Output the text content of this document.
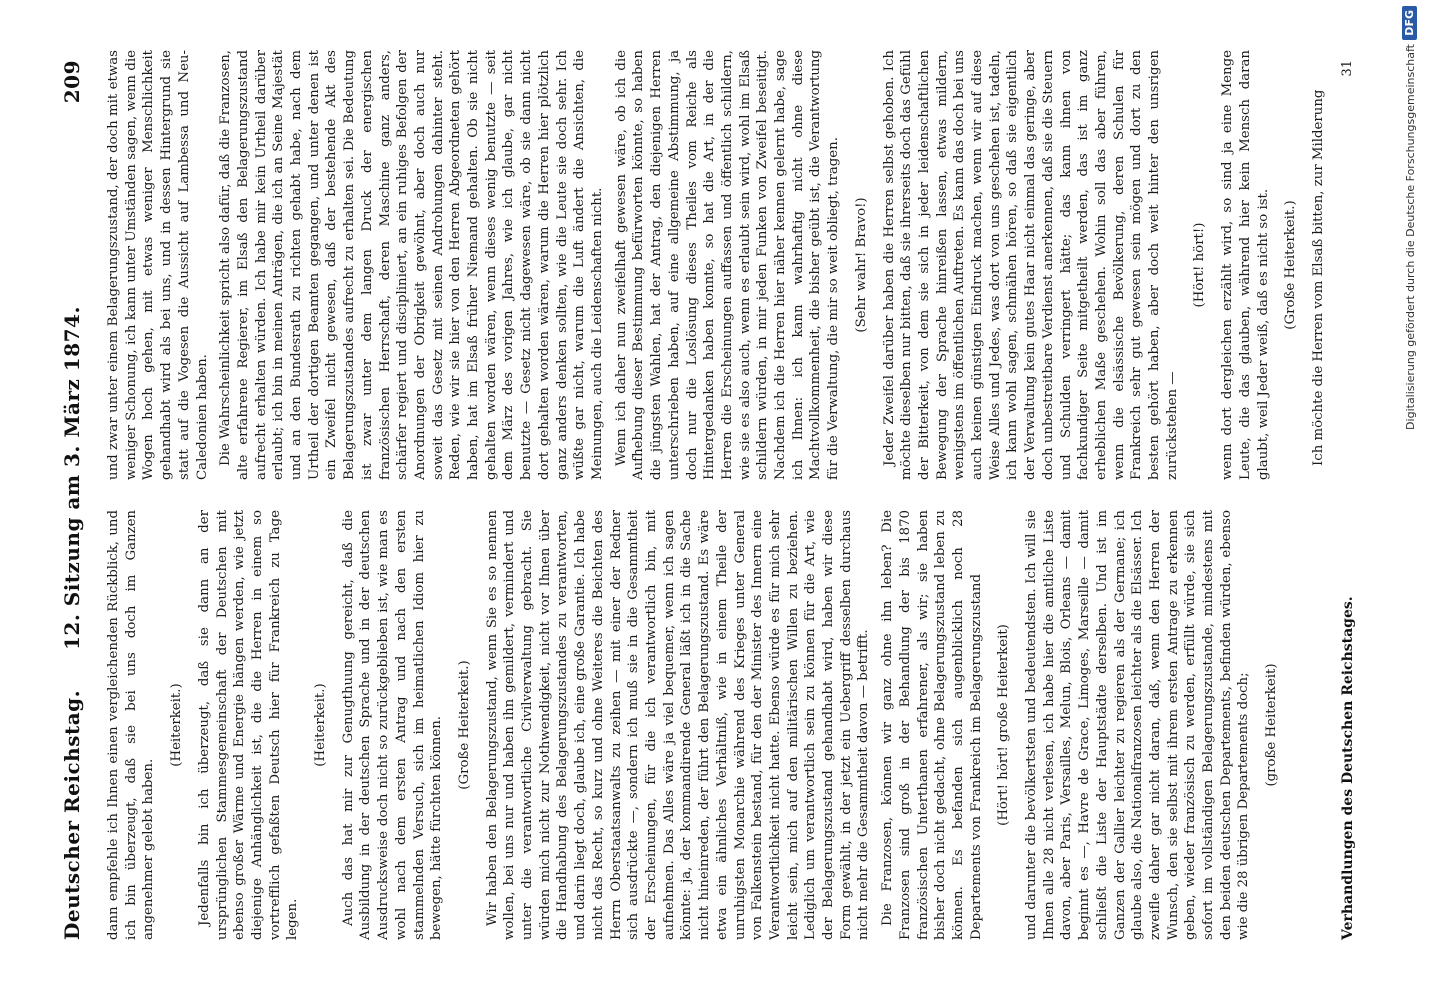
Deutscher Reichstag.
12. Sitzung am 3. März 1874.
209

dann empfehle ich Ihnen einen vergleichenden Rückblick, und ich bin überzeugt, daß sie bei uns doch im Ganzen angenehmer gelebt haben.

(Heiterkeit.) Jedenfalls bin ich überzeugt, daß sie dann an der ursprünglichen Stammesgemeinschaft der Deutschen mit ebenso großer Wärme und Energie hängen werden, wie jetzt diejenige Anhänglichkeit ist, die die Herren in einem so vortrefflich gefaßten Deutsch hier für Frankreich zu Tage legen.

(Heiterkeit.) Auch das hat mir zur Genugthuung gereicht, daß die Ausbildung in der deutschen Sprache und in der deutschen Ausdrucksweise doch nicht so zurückgeblieben ist, wie man es wohl nach dem ersten Antrag und nach den ersten stammelnden Versuch, sich im heimatlichen Idiom hier zu bewegen, hätte fürchten können. (Große Heiterkeit.) Wir haben den Belagerungszustand, wenn Sie es so nennen wollen, bei uns nur und haben ihn gemildert, vermindert und unter die verantwortliche Civilverwaltung gebracht. Sie würden mich nicht zur Nothwendigkeit, nicht vor Ihnen über die Handhabung des Belagerungszustandes zu verantworten, und darin liegt doch, glaube ich, eine große Garantie. Ich habe nicht das Recht, so kurz und ohne Weiteres die Beichten des Herrn Oberstaatsanwalts zu zeihen — mit einer der Redner sich ausdrückte —, sondern ich muß sie in die Gesammtheit der Erscheinungen, für die ich verantwortlich bin, mit aufnehmen. Das Alles wäre ja viel bequemer, wenn ich sagen könnte: ja, der kommandirende General läßt ich in die Sache nicht hineinreden, der führt den Belagerungszustand. Es wäre etwa ein ähnliches Verhältniß, wie in einem Theile der unruhigsten Monarchie während des Krieges unter General von Falkenstein bestand, für den der Minister des Innern eine Verantwortlichkeit nicht hatte. Ebenso würde es für mich sehr leicht sein, mich auf den militärischen Willen zu beziehen. Lediglich um verantwortlich sein zu können für die Art, wie der Belagerungszustand gehandhabt wird, haben wir diese Form gewählt, in der jetzt ein Uebergriff desselben durchaus nicht mehr die Gesammtheit davon — betrifft. Die Franzosen, können wir ganz ohne ihn leben? Die Franzosen sind groß in der Behandlung der bis 1870 französischen Unterthanen erfahrener, als wir; sie haben bisher doch nicht gedacht, ohne Belagerungszustand leben zu können. Es befanden sich augenblicklich noch 28 Departements von Frankreich im Belagerungszustand (Hört! hört! große Heiterkeit) und darunter die bevölkertsten und bedeutendsten. Ich will sie Ihnen alle 28 nicht verlesen, ich habe hier die amtliche Liste davon, aber Paris, Versailles, Melun, Blois, Orleans — damit beginnt es —, Havre de Grace, Limoges, Marseille — damit schließt die Liste der Hauptstädte derselben. Und ist im Ganzen der Gallier leichter zu regieren als der Germane; ich glaube also, die Nationalfranzosen leichter als die Elsässer. Ich zweifle daher gar nicht daran, daß, wenn den Herren der Wunsch, den sie selbst mit ihrem ersten Antrage zu erkennen geben, wieder französisch zu werden, erfüllt würde, sie sich sofort im vollständigen Belagerungszustande, mindestens mit den beiden deutschen Departements, befinden würden, ebenso wie die 28 übrigen Departements doch; (große Heiterkeit)

und zwar unter einem Belagerungszustand, der doch mit etwas weniger Schonung, ich kann unter Umständen sagen, wenn die Wogen hoch gehen, mit etwas weniger Menschlichkeit gehandhabt wird als bei uns, und in dessen Hintergrund sie statt auf die Vogesen die Aussicht auf Lambessa und Neu-Caledonien haben. Die Wahrscheinlichkeit spricht also dafür, daß die Franzosen, alte erfahrene Regierer, im Elsaß den Belagerungszustand aufrecht erhalten würden. Ich habe mir kein Urtheil darüber erlaubt; ich bin in meinen Anträgen, die ich an Seine Majestät und an den Bundesrath zu richten gehabt habe, nach dem Urtheil der dortigen Beamten gegangen, und unter denen ist ein Zweifel nicht gewesen, daß der bestehende Akt des Belagerungszustandes aufrecht zu erhalten sei. Die Bedeutung ist zwar unter dem langen Druck der energischen französischen Herrschaft, deren Maschine ganz anders, schärfer regiert und discipliniert, an ein ruhiges Befolgen der Anordnungen der Obrigkeit gewöhnt, aber doch auch nur soweit das Gesetz mit seinen Androhungen dahinter steht. Reden, wie wir sie hier von den Herren Abgeordneten gehört haben, hat im Elsaß früher Niemand gehalten. Ob sie nicht gehalten worden wären, wenn dieses wenig benutzte — seit dem März des vorigen Jahres, wie ich glaube, gar nicht benutzte — Gesetz nicht dagewesen wäre, ob sie dann nicht dort gehalten worden wären, warum die Herren hier plötzlich ganz anders denken sollten, wie die Leute sie doch sehr. Ich wüßte gar nicht, warum die Luft ändert die Ansichten, die Meinungen, auch die Leidenschaften nicht. Wenn ich daher nun zweifelhaft gewesen wäre, ob ich die Aufhebung dieser Bestimmung befürworten könnte, so haben die jüngsten Wahlen, hat der Antrag, den diejenigen Herren unterschrieben haben, auf eine allgemeine Abstimmung, ja doch nur die Loslösung dieses Theiles vom Reiche als Hintergedanken haben konnte, so hat die Art, in der die Herren die Erscheinungen auffassen und öffentlich schildern, wie sie es also auch, wenn es erlaubt sein wird, wohl im Elsaß schildern würden, in mir jeden Funken von Zweifel beseitigt. Nachdem ich die Herren hier näher kennen gelernt habe, sage ich Ihnen: ich kann wahrhaftig nicht ohne diese Machtvollkommenheit, die bisher geübt ist, die Verantwortung für die Verwaltung, die mir so weit obliegt, tragen. (Sehr wahr! Bravo!) Jeder Zweifel darüber haben die Herren selbst gehoben. Ich möchte dieselben nur bitten, daß sie ihrerseits doch das Gefühl der Bitterkeit, von dem sie sich in jeder leidenschaftlichen Bewegung der Sprache hinreißen lassen, etwas mildern, wenigstens im öffentlichen Auftreten. Es kann das doch bei uns auch keinen günstigen Eindruck machen, wenn wir auf diese Weise Alles und Jedes, was dort von uns geschehen ist, tadeln, ich kann wohl sagen, schmähen hören, so daß sie eigentlich der Verwaltung kein gutes Haar nicht einmal das geringe, aber doch unbestreitbare Verdienst anerkennen, daß sie die Steuern und Schulden verringert hätte; das kann ihnen von fachkundiger Seite mitgetheilt werden, das ist im ganz erheblichen Maße geschehen. Wohin soll das aber führen, wenn die elsässische Bevölkerung, deren Schulen für Frankreich sehr gut gewesen sein mögen und dort zu den besten gehört haben, aber doch weit hinter den unsrigen zurückstehen —

(Hört! hört!) wenn dort dergleichen erzählt wird, so sind ja eine Menge Leute, die das glauben, während hier kein Mensch daran glaubt, weil Jeder weiß, daß es nicht so ist. (Große Heiterkeit.) Ich möchte die Herren vom Elsaß bitten, zur Milderung

Verhandlungen des Deutschen Reichstages.
31	Digitalisierung gefördert durch die Deutsche Forschungsgemeinschaft
DFG
